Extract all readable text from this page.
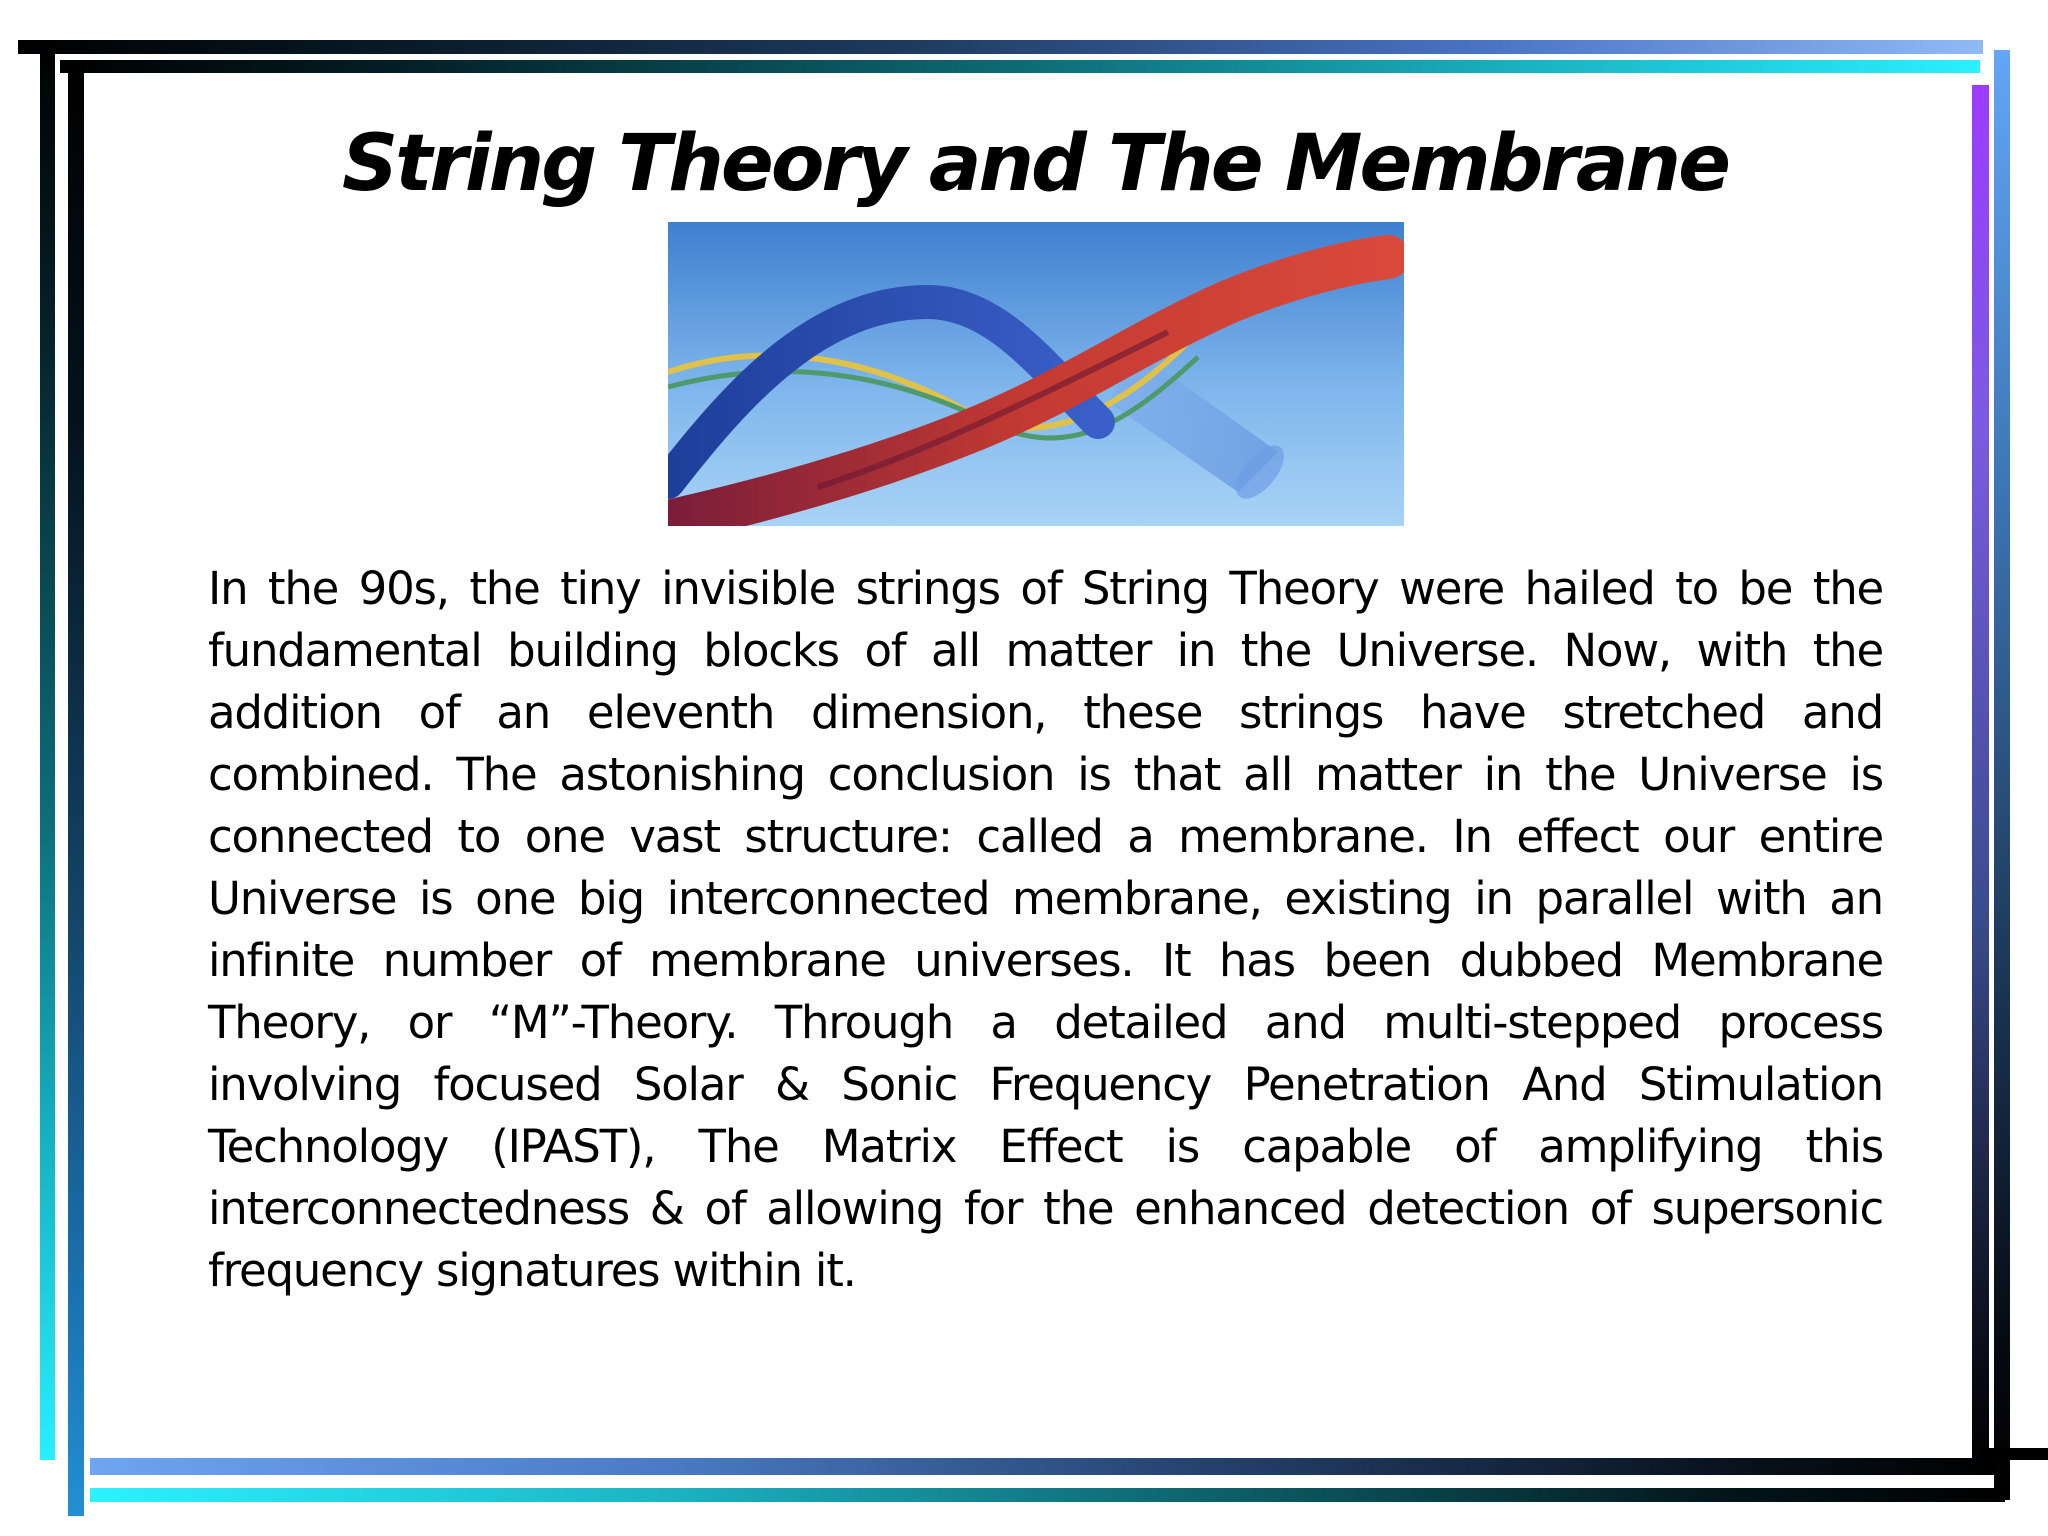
String Theory and The Membrane

In the 90s, the tiny invisible strings of String Theory were hailed to be the fundamental building blocks of all matter in the Universe. Now, with the addition of an eleventh dimension, these strings have stretched and combined. The astonishing conclusion is that all matter in the Universe is connected to one vast structure: called a membrane. In effect our entire Universe is one big interconnected membrane, existing in parallel with an infinite number of membrane universes. It has been dubbed Membrane Theory, or “M”-Theory. Through a detailed and multi-stepped process involving focused Solar & Sonic Frequency Penetration And Stimulation Technology (IPAST), The Matrix Effect is capable of amplifying this interconnectedness & of allowing for the enhanced detection of supersonic frequency signatures within it.
